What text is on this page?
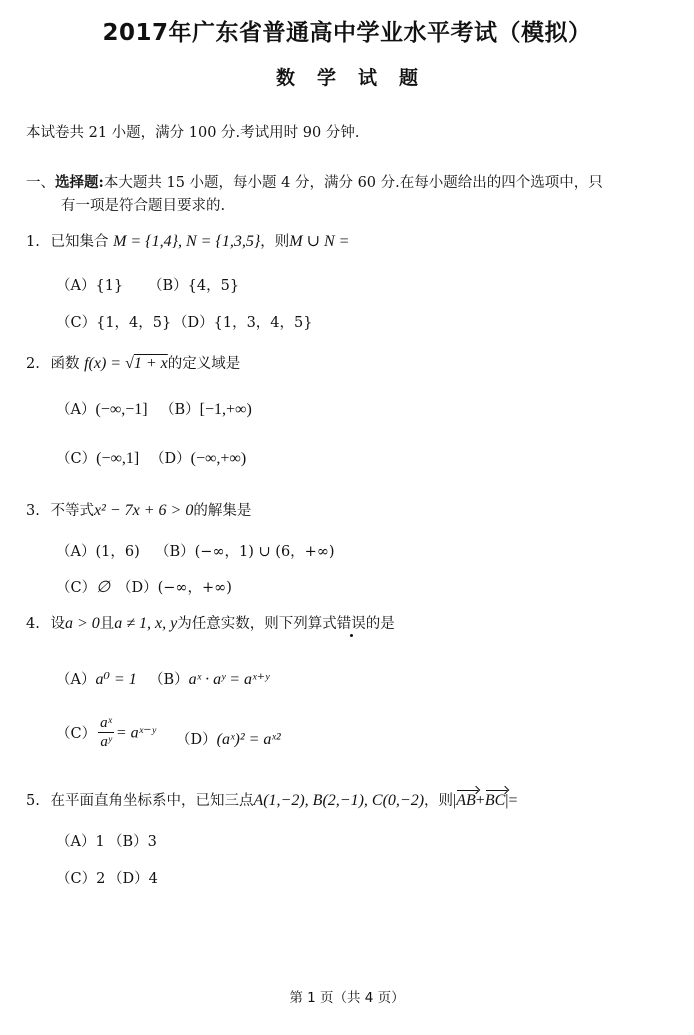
2017年广东省普通高中学业水平考试（模拟）
数学试题
本试卷共 21 小题，满分 100 分.考试用时 90 分钟.
一、选择题:本大题共 15 小题，每小题 4 分，满分 60 分.在每小题给出的四个选项中，只
有一项是符合题目要求的.
1. 已知集合 M = {1,4}, N = {1,3,5}，则M ∪ N =
（A）{1} （B）{4，5}
（C）{1，4，5} （D）{1，3，4，5}
2. 函数 f(x) = √1 + x的定义域是
（A）(−∞,−1] （B）[−1,+∞)
（C）(−∞,1] （D）(−∞,+∞)
3. 不等式x² − 7x + 6 > 0的解集是
（A）(1，6) （B）(−∞，1) ∪ (6，+∞)
（C）∅ （D）(−∞，+∞)
4. 设a > 0且a ≠ 1, x, y为任意实数，则下列算式错误的是
（A）a⁰ = 1 （B）aˣ · aʸ = aˣ⁺ʸ
$(C) \frac{\text{aˣ}}{\text{aʸ}}$ = aˣ⁻ʸ （D）(aˣ)² = aˣ²
5. 在平面直角坐标系中，已知三点A(1,−2), B(2,−1), C(0,−2)，则|AB+BC|=
（A）1 （B）3
（C）2 （D）4
第 1 页（共 4 页）
